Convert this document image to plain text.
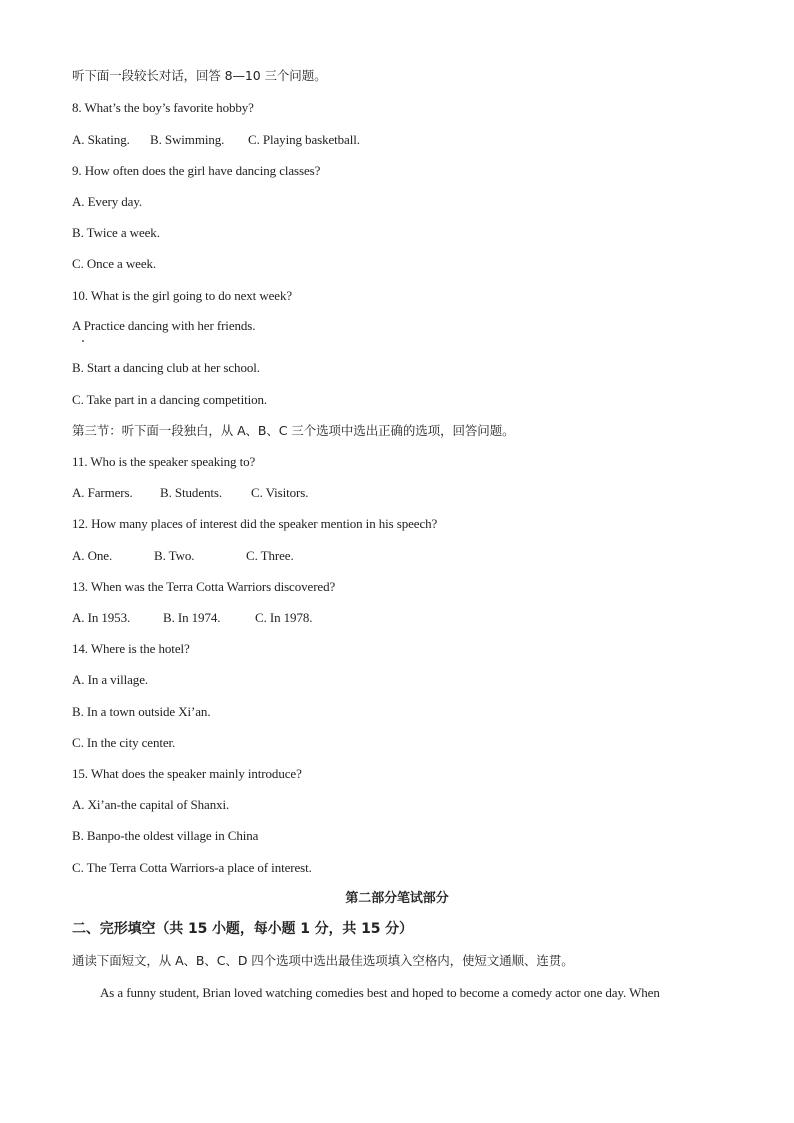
听下面一段较长对话，回答 8—10 三个问题。
8. What’s the boy’s favorite hobby?
A. Skating. B. Swimming. C. Playing basketball.
9. How often does the girl have dancing classes?
A. Every day.
B. Twice a week.
C. Once a week.
10. What is the girl going to do next week?
A Practice dancing with her friends.
B. Start a dancing club at her school.
C. Take part in a dancing competition.
第三节：听下面一段独白，从 A、B、C 三个选项中选出正确的选项，回答问题。
11. Who is the speaker speaking to?
A. Farmers. B. Students. C. Visitors.
12. How many places of interest did the speaker mention in his speech?
A. One.	B. Two.	C. Three.
13. When was the Terra Cotta Warriors discovered?
A. In 1953.	B. In 1974.	C. In 1978.
14. Where is the hotel?
A. In a village.
B. In a town outside Xi’an.
C. In the city center.
15. What does the speaker mainly introduce?
A. Xi’an-the capital of Shanxi.
B. Banpo-the oldest village in China
C. The Terra Cotta Warriors-a place of interest.
第二部分笔试部分
二、完形填空（共 15 小题，每小题 1 分，共 15 分）
通读下面短文，从 A、B、C、D 四个选项中选出最佳选项填入空格内，使短文通顺、连贯。
As a funny student, Brian loved watching comedies best and hoped to become a comedy actor one day. When
